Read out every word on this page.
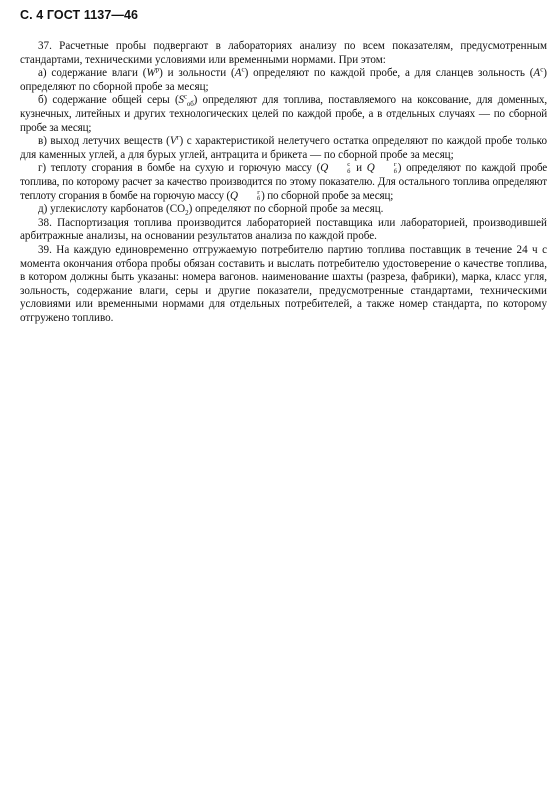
С. 4 ГОСТ 1137—46

37. Расчетные пробы подвергают в лабораториях анализу по всем показателям, предусмотренным стандартами, техническими условиями или временными нормами. При этом:

а) содержание влаги $(W^p)$ и зольности $(A^c)$ определяют по каждой пробе, а для сланцев зольность $(A^c)$ определяют по сборной пробе за месяц;

б) содержание общей серы $(S^c_{об})$ определяют для топлива, поставляемого на коксование, для доменных, кузнечных, литейных и других технологических целей по каждой пробе, а в отдельных случаях — по сборной пробе за месяц;

в) выход летучих веществ $(V^г)$ с характеристикой нелетучего остатка определяют по каждой пробе только для каменных углей, а для бурых углей, антрацита и брикета — по сборной пробе за месяц;

г) теплоту сгорания в бомбе на сухую и горючую массу (Q	c
б и Q	г
б ) определяют по каждой пробе топлива, по которому расчет за качество производится по этому показателю. Для остального топлива определяют теплоту сгорания в бомбе на горючую массу (Q	г
б ) по сборной пробе за месяц;

д) углекислоту карбонатов $(CO_2)$ определяют по сборной пробе за месяц.

38. Паспортизация топлива производится лабораторией поставщика или лабораторией, производившей арбитражные анализы, на основании результатов анализа по каждой пробе.

39. На каждую единовременно отгружаемую потребителю партию топлива поставщик в течение 24 ч с момента окончания отбора пробы обязан составить и выслать потребителю удостоверение о качестве топлива, в котором должны быть указаны: номера вагонов. наименование шахты (разреза, фабрики), марка, класс угля, зольность, содержание влаги, серы и другие показатели, предусмотренные стандартами, техническими условиями или временными нормами для отдельных потребителей, а также номер стандарта, по которому отгружено топливо.
